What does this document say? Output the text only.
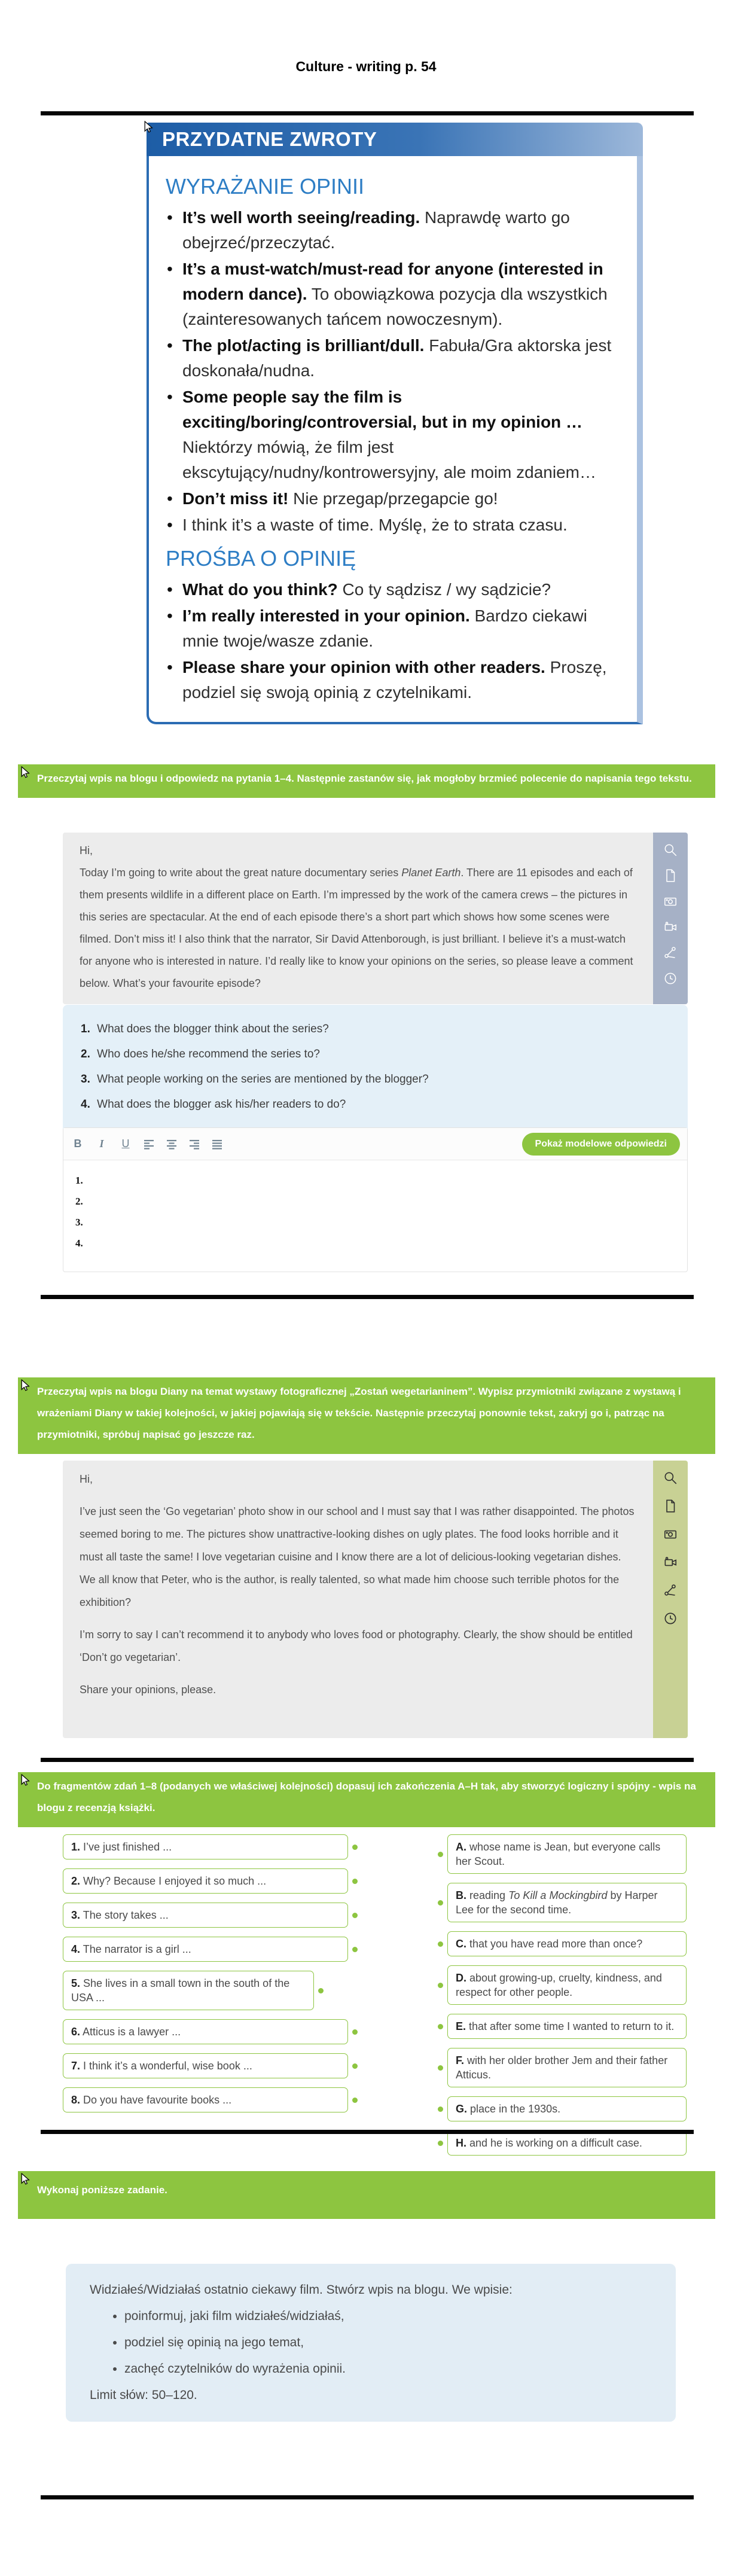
Culture - writing p. 54
PRZYDATNE ZWROTY
WYRAŻANIE OPINII
• It’s well worth seeing/reading. Naprawdę warto go obejrzeć/przeczytać.
• It’s a must-watch/must-read for anyone (interested in modern dance). To obowiązkowa pozycja dla wszystkich (zainteresowanych tańcem nowoczesnym).
• The plot/acting is brilliant/dull. Fabuła/Gra aktorska jest doskonała/nudna.
• Some people say the film is exciting/boring/controversial, but in my opinion … Niektórzy mówią, że film jest ekscytujący/nudny/kontrowersyjny, ale moim zdaniem…
• Don’t miss it! Nie przegap/przegapcie go!
• I think it’s a waste of time. Myślę, że to strata czasu.
PROŚBA O OPINIĘ
• What do you think? Co ty sądzisz / wy sądzicie?
• I’m really interested in your opinion. Bardzo ciekawi mnie twoje/wasze zdanie.
• Please share your opinion with other readers. Proszę, podziel się swoją opinią z czytelnikami.

Przeczytaj wpis na blogu i odpowiedz na pytania 1–4. Następnie zastanów się, jak mogłoby brzmieć polecenie do napisania tego tekstu.

Hi,

Today I’m going to write about the great nature documentary series Planet Earth. There are 11 episodes and each of them presents wildlife in a different place on Earth. I’m impressed by the work of the camera crews – the pictures in this series are spectacular. At the end of each episode there’s a short part which shows how some scenes were filmed. Don’t miss it! I also think that the narrator, Sir David Attenborough, is just brilliant. I believe it’s a must-watch for anyone who is interested in nature. I’d really like to know your opinions on the series, so please leave a comment below. What’s your favourite episode?

1. What does the blogger think about the series?
2. Who does he/she recommend the series to?
3. What people working on the series are mentioned by the blogger?
4. What does the blogger ask his/her readers to do?
B	I	U	Pokaż modelowe odpowiedzi
1.
2.
3.
4.

Przeczytaj wpis na blogu Diany na temat wystawy fotograficznej „Zostań wegetarianinem”. Wypisz przymiotniki związane z wystawą i wrażeniami Diany w takiej kolejności, w jakiej pojawiają się w tekście. Następnie przeczytaj ponownie tekst, zakryj go i, patrząc na przymiotniki, spróbuj napisać go jeszcze raz.

Hi,

I’ve just seen the ‘Go vegetarian’ photo show in our school and I must say that I was rather disappointed. The photos seemed boring to me. The pictures show unattractive-looking dishes on ugly plates. The food looks horrible and it must all taste the same! I love vegetarian cuisine and I know there are a lot of delicious-looking vegetarian dishes. We all know that Peter, who is the author, is really talented, so what made him choose such terrible photos for the exhibition?

I’m sorry to say I can’t recommend it to anybody who loves food or photography. Clearly, the show should be entitled ‘Don’t go vegetarian’.

Share your opinions, please.

Do fragmentów zdań 1–8 (podanych we właściwej kolejności) dopasuj ich zakończenia A–H tak, aby stworzyć logiczny i spójny - wpis na blogu z recenzją książki.

1. I’ve just finished ...
2. Why? Because I enjoyed it so much ...
3. The story takes ...
4. The narrator is a girl ...
5. She lives in a small town in the south of the USA ...
6. Atticus is a lawyer ...
7. I think it’s a wonderful, wise book ...
8. Do you have favourite books ...
A. whose name is Jean, but everyone calls her Scout.
B. reading To Kill a Mockingbird by Harper Lee for the second time.
C. that you have read more than once?
D. about growing-up, cruelty, kindness, and respect for other people.
E. that after some time I wanted to return to it.
F. with her older brother Jem and their father Atticus.
G. place in the 1930s.
H. and he is working on a difficult case.

Wykonaj poniższe zadanie.

Widziałeś/Widziałaś ostatnio ciekawy film. Stwórz wpis na blogu. We wpisie:

• poinformuj, jaki film widziałeś/widziałaś,
• podziel się opinią na jego temat,
• zachęć czytelników do wyrażenia opinii.

Limit słów: 50–120.
